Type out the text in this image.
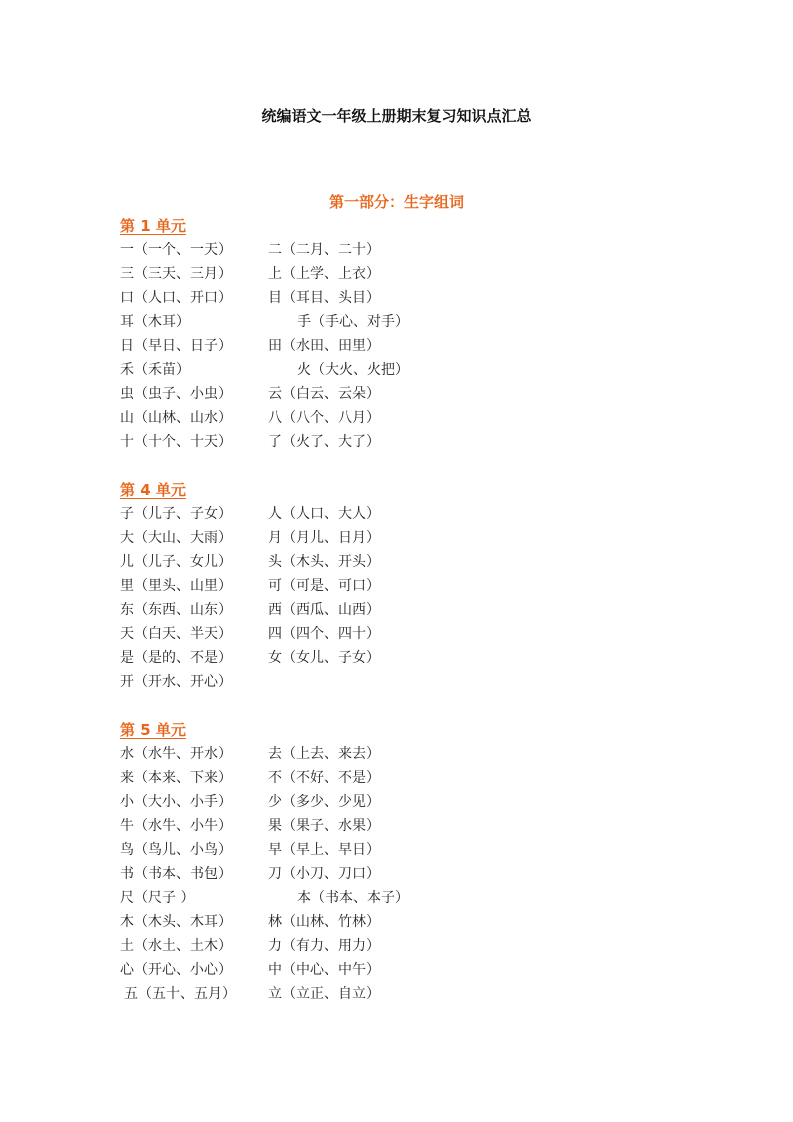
统编语文一年级上册期末复习知识点汇总
第一部分：生字组词
第 1 单元
一（一个、一天）	二（二月、二十）
三（三天、三月）	上（上学、上衣）
口（人口、开口）	目（耳目、头目）
耳（木耳）	手（手心、对手）
日（早日、日子）	田（水田、田里）
禾（禾苗）	火（大火、火把）
虫（虫子、小虫）	云（白云、云朵）
山（山林、山水）	八（八个、八月）
十（十个、十天）	了（火了、大了）
第 4 单元
子（儿子、子女）	人（人口、大人）
大（大山、大雨）	月（月儿、日月）
儿（儿子、女儿）	头（木头、开头）
里（里头、山里）	可（可是、可口）
东（东西、山东）	西（西瓜、山西）
天（白天、半天）	四（四个、四十）
是（是的、不是）	女（女儿、子女）
开（开水、开心）
第 5 单元
水（水牛、开水）	去（上去、来去）
来（本来、下来）	不（不好、不是）
小（大小、小手）	少（多少、少见）
牛（水牛、小牛）	果（果子、水果）
鸟（鸟儿、小鸟）	早（早上、早日）
书（书本、书包）	刀（小刀、刀口）
尺（尺子 ）	本（书本、本子）
木（木头、木耳）	林（山林、竹林）
土（水土、土木）	力（有力、用力）
心（开心、小心）	中（中心、中午）
五（五十、五月） 立（立正、自立）
